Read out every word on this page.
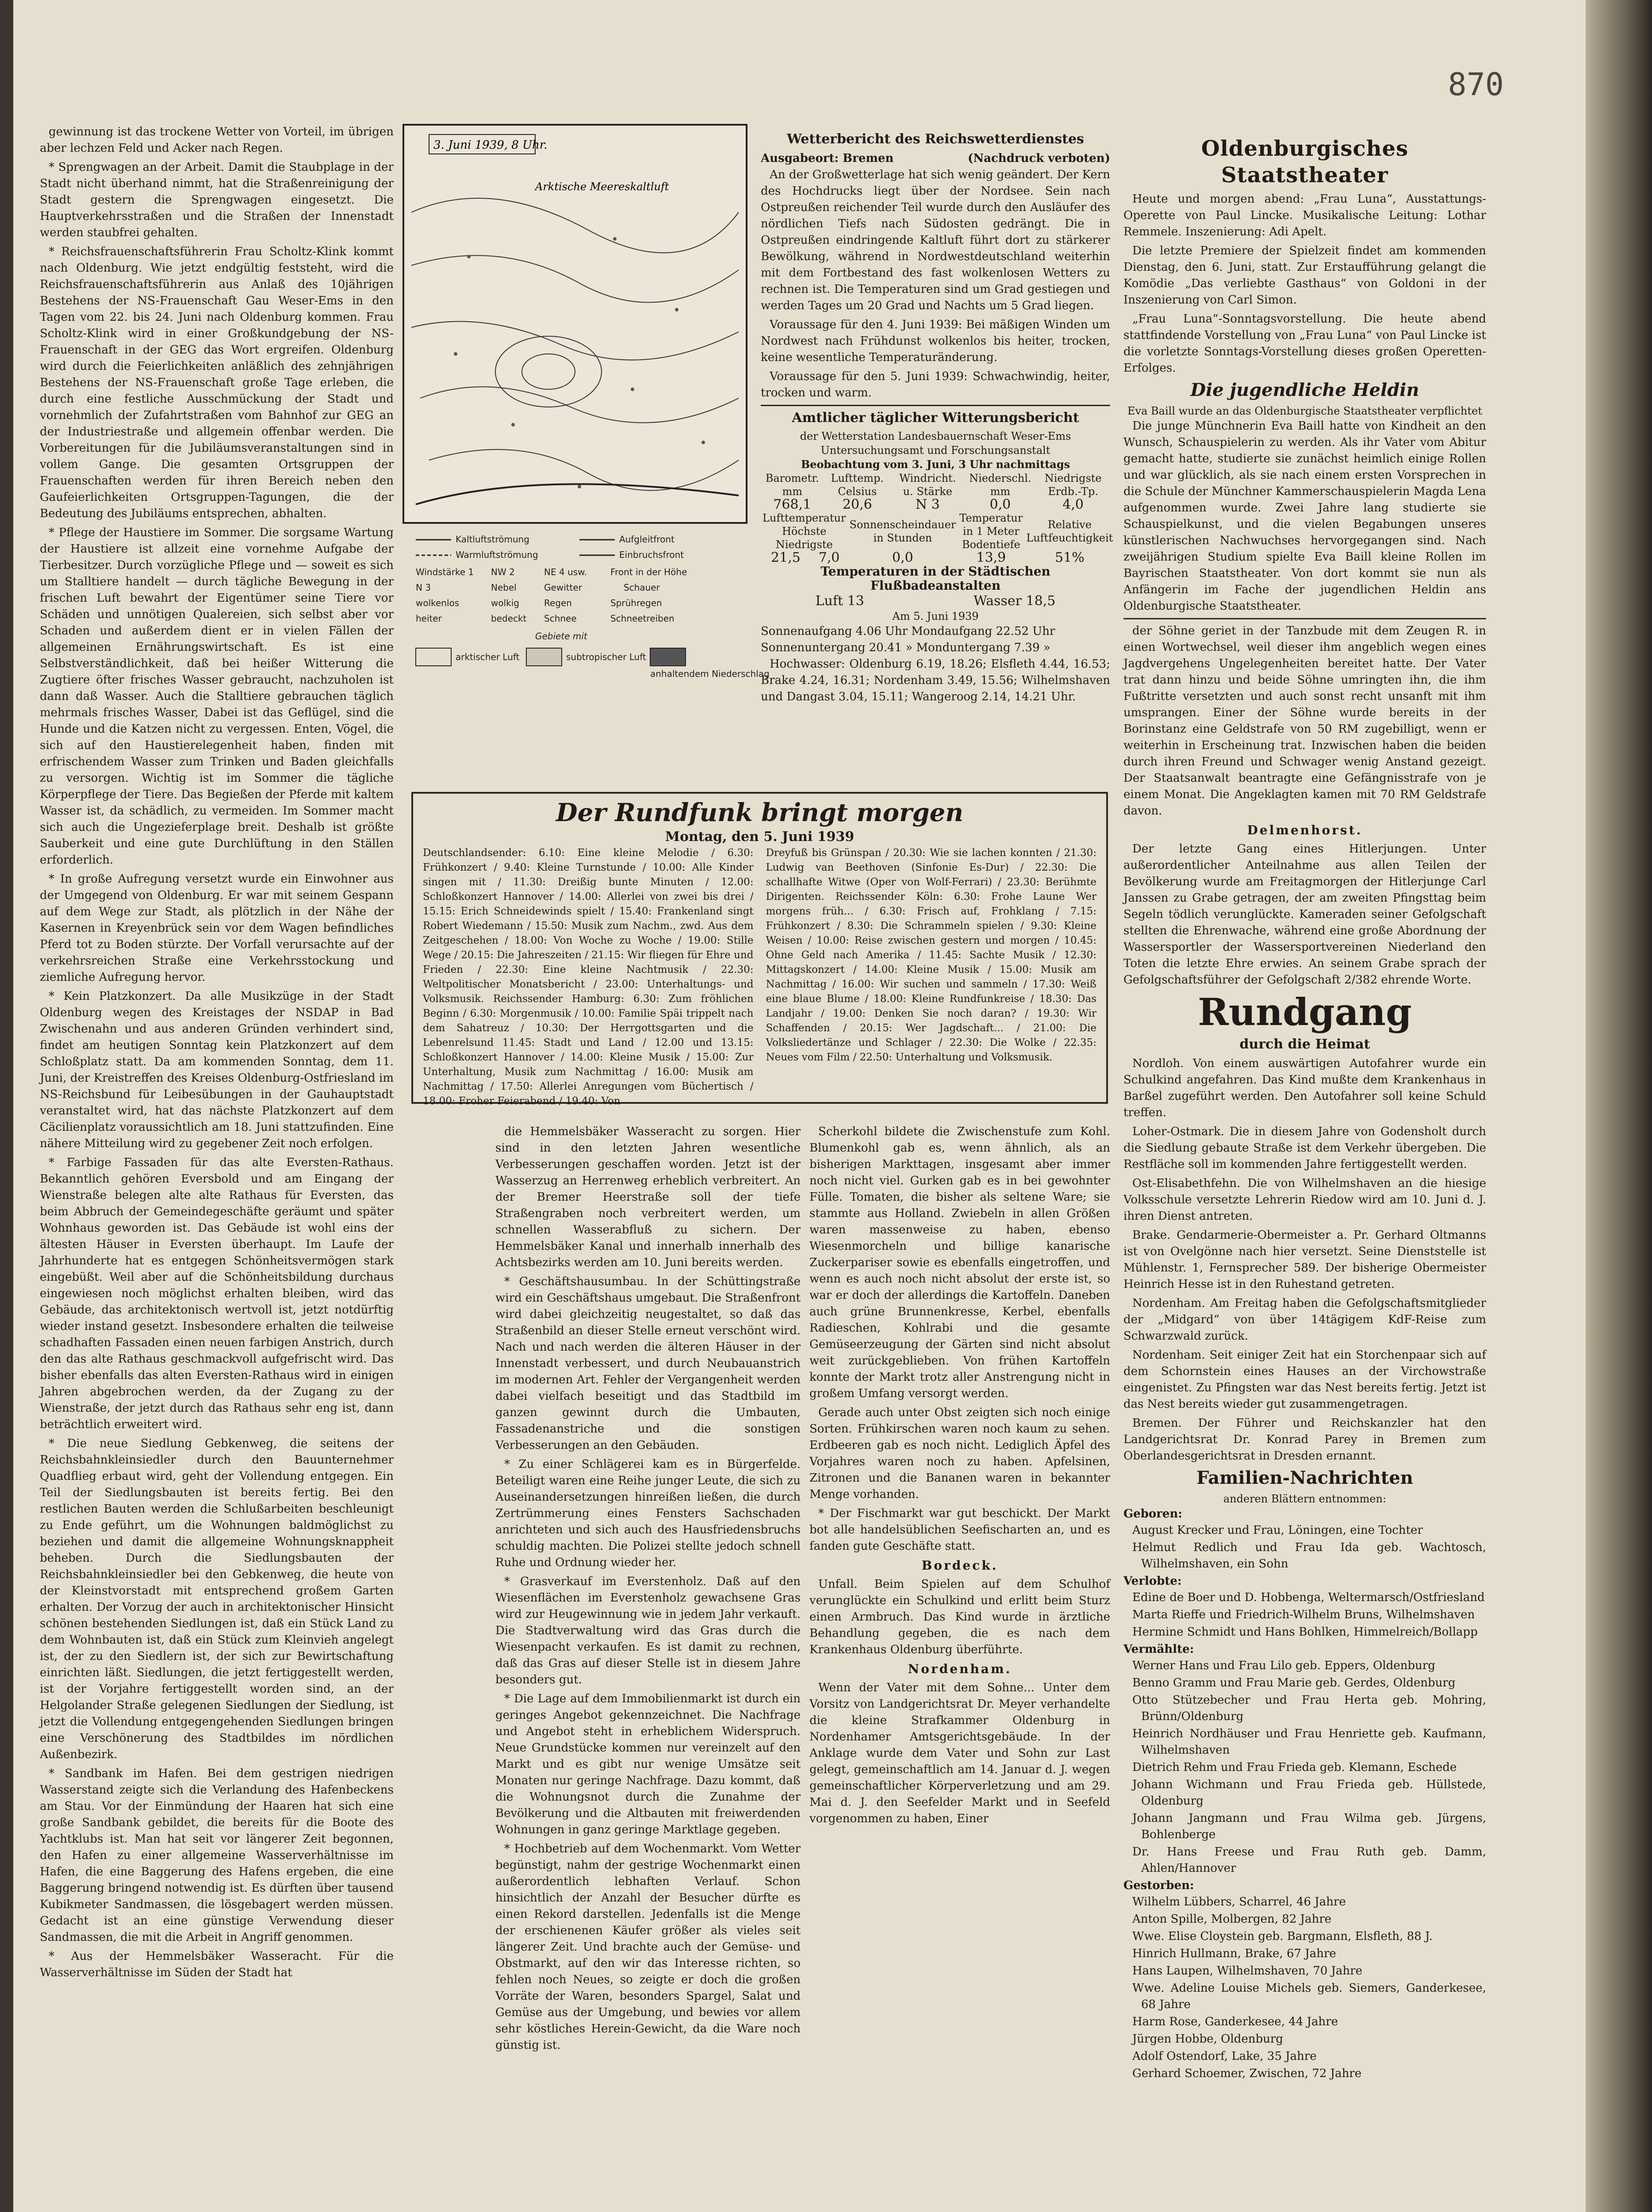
870

gewinnung ist das trockene Wetter von Vorteil, im übrigen aber lechzen Feld und Acker nach Regen.

* Sprengwagen an der Arbeit. Damit die Staubplage in der Stadt nicht überhand nimmt, hat die Straßenreinigung der Stadt gestern die Sprengwagen eingesetzt. Die Hauptverkehrsstraßen und die Straßen der Innenstadt werden staubfrei gehalten.

* Reichsfrauenschaftsführerin Frau Scholtz-Klink kommt nach Oldenburg. Wie jetzt endgültig feststeht, wird die Reichsfrauenschaftsführerin aus Anlaß des 10jährigen Bestehens der NS-Frauenschaft Gau Weser-Ems in den Tagen vom 22. bis 24. Juni nach Oldenburg kommen. Frau Scholtz-Klink wird in einer Großkundgebung der NS-Frauenschaft in der GEG das Wort ergreifen. Oldenburg wird durch die Feierlichkeiten anläßlich des zehnjährigen Bestehens der NS-Frauenschaft große Tage erleben, die durch eine festliche Ausschmückung der Stadt und vornehmlich der Zufahrtstraßen vom Bahnhof zur GEG an der Industriestraße und allgemein offenbar werden. Die Vorbereitungen für die Jubiläumsveranstaltungen sind in vollem Gange. Die gesamten Ortsgruppen der Frauenschaften werden für ihren Bereich neben den Gaufeierlichkeiten Ortsgruppen-Tagungen, die der Bedeutung des Jubiläums entsprechen, abhalten.

* Pflege der Haustiere im Sommer. Die sorgsame Wartung der Haustiere ist allzeit eine vornehme Aufgabe der Tierbesitzer. Durch vorzügliche Pflege und — soweit es sich um Stalltiere handelt — durch tägliche Bewegung in der frischen Luft bewahrt der Eigentümer seine Tiere vor Schäden und unnötigen Qualereien, sich selbst aber vor Schaden und außerdem dient er in vielen Fällen der allgemeinen Ernährungswirtschaft. Es ist eine Selbstverständlichkeit, daß bei heißer Witterung die Zugtiere öfter frisches Wasser gebraucht, nachzuholen ist dann daß Wasser. Auch die Stalltiere gebrauchen täglich mehrmals frisches Wasser, Dabei ist das Geflügel, sind die Hunde und die Katzen nicht zu vergessen. Enten, Vögel, die sich auf den Haustierelegenheit haben, finden mit erfrischendem Wasser zum Trinken und Baden gleichfalls zu versorgen. Wichtig ist im Sommer die tägliche Körperpflege der Tiere. Das Begießen der Pferde mit kaltem Wasser ist, da schädlich, zu vermeiden. Im Sommer macht sich auch die Ungezieferplage breit. Deshalb ist größte Sauberkeit und eine gute Durchlüftung in den Ställen erforderlich.

* In große Aufregung versetzt wurde ein Einwohner aus der Umgegend von Oldenburg. Er war mit seinem Gespann auf dem Wege zur Stadt, als plötzlich in der Nähe der Kasernen in Kreyenbrück sein vor dem Wagen befindliches Pferd tot zu Boden stürzte. Der Vorfall verursachte auf der verkehrsreichen Straße eine Verkehrsstockung und ziemliche Aufregung hervor.

* Kein Platzkonzert. Da alle Musikzüge in der Stadt Oldenburg wegen des Kreistages der NSDAP in Bad Zwischenahn und aus anderen Gründen verhindert sind, findet am heutigen Sonntag kein Platzkonzert auf dem Schloßplatz statt. Da am kommenden Sonntag, dem 11. Juni, der Kreistreffen des Kreises Oldenburg-Ostfriesland im NS-Reichsbund für Leibesübungen in der Gauhauptstadt veranstaltet wird, hat das nächste Platzkonzert auf dem Cäcilienplatz voraussichtlich am 18. Juni stattzufinden. Eine nähere Mitteilung wird zu gegebener Zeit noch erfolgen.

* Farbige Fassaden für das alte Eversten-Rathaus. Bekanntlich gehören Eversbold und am Eingang der Wienstraße belegen alte alte Rathaus für Eversten, das beim Abbruch der Gemeindegeschäfte geräumt und später Wohnhaus geworden ist. Das Gebäude ist wohl eins der ältesten Häuser in Eversten überhaupt. Im Laufe der Jahrhunderte hat es entgegen Schönheitsvermögen stark eingebüßt. Weil aber auf die Schönheitsbildung durchaus eingewiesen noch möglichst erhalten bleiben, wird das Gebäude, das architektonisch wertvoll ist, jetzt notdürftig wieder instand gesetzt. Insbesondere erhalten die teilweise schadhaften Fassaden einen neuen farbigen Anstrich, durch den das alte Rathaus geschmackvoll aufgefrischt wird. Das bisher ebenfalls das alten Eversten-Rathaus wird in einigen Jahren abgebrochen werden, da der Zugang zu der Wienstraße, der jetzt durch das Rathaus sehr eng ist, dann beträchtlich erweitert wird.

* Die neue Siedlung Gebkenweg, die seitens der Reichsbahnkleinsiedler durch den Bauunternehmer Quadflieg erbaut wird, geht der Vollendung entgegen. Ein Teil der Siedlungsbauten ist bereits fertig. Bei den restlichen Bauten werden die Schlußarbeiten beschleunigt zu Ende geführt, um die Wohnungen baldmöglichst zu beziehen und damit die allgemeine Wohnungsknappheit beheben. Durch die Siedlungsbauten der Reichsbahnkleinsiedler bei den Gebkenweg, die heute von der Kleinstvorstadt mit entsprechend großem Garten erhalten. Der Vorzug der auch in architektonischer Hinsicht schönen bestehenden Siedlungen ist, daß ein Stück Land zu dem Wohnbauten ist, daß ein Stück zum Kleinvieh angelegt ist, der zu den Siedlern ist, der sich zur Bewirtschaftung einrichten läßt. Siedlungen, die jetzt fertiggestellt werden, ist der Vorjahre fertiggestellt worden sind, an der Helgolander Straße gelegenen Siedlungen der Siedlung, ist jetzt die Vollendung entgegengehenden Siedlungen bringen eine Verschönerung des Stadtbildes im nördlichen Außenbezirk.

* Sandbank im Hafen. Bei dem gestrigen niedrigen Wasserstand zeigte sich die Verlandung des Hafenbeckens am Stau. Vor der Einmündung der Haaren hat sich eine große Sandbank gebildet, die bereits für die Boote des Yachtklubs ist. Man hat seit vor längerer Zeit begonnen, den Hafen zu einer allgemeine Wasserverhältnisse im Hafen, die eine Baggerung des Hafens ergeben, die eine Baggerung bringend notwendig ist. Es dürften über tausend Kubikmeter Sandmassen, die lösgebagert werden müssen. Gedacht ist an eine günstige Verwendung dieser Sandmassen, die mit die Arbeit in Angriff genommen.

* Aus der Hemmelsbäker Wasseracht. Für die Wasserverhältnisse im Süden der Stadt hat

3. Juni 1939, 8 Uhr.
Arktische Meereskaltluft
Kaltluftströmung
Warmluftströmung
Aufgleitfront
Einbruchsfront
Windstärke 1 NW 2	NE 4 usw.	Front in der Höhe
N 3	Nebel	Gewitter	Schauer
wolkenlos	wolkig	Regen	Sprühregen
heiter	bedeckt Schnee	Schneetreiben
Gebiete mit
arktischer Luft	subtropischer Luft
anhaltendem Niederschlag
Wetterbericht des Reichswetterdienstes
Ausgabeort: Bremen	(Nachdruck verboten)

An der Großwetterlage hat sich wenig geändert. Der Kern des Hochdrucks liegt über der Nordsee. Sein nach Ostpreußen reichender Teil wurde durch den Ausläufer des nördlichen Tiefs nach Südosten gedrängt. Die in Ostpreußen eindringende Kaltluft führt dort zu stärkerer Bewölkung, während in Nordwestdeutschland weiterhin mit dem Fortbestand des fast wolkenlosen Wetters zu rechnen ist. Die Temperaturen sind um Grad gestiegen und werden Tages um 20 Grad und Nachts um 5 Grad liegen.

Voraussage für den 4. Juni 1939: Bei mäßigen Winden um Nordwest nach Frühdunst wolkenlos bis heiter, trocken, keine wesentliche Temperaturänderung.

Voraussage für den 5. Juni 1939: Schwachwindig, heiter, trocken und warm.

Amtlicher täglicher Witterungsbericht
der Wetterstation Landesbauernschaft Weser-Ems Untersuchungsamt und Forschungsanstalt
Beobachtung vom 3. Juni, 3 Uhr nachmittags
Barometr. mm	Lufttemp. Celsius	Windricht. u. Stärke	Niederschl. mm	Niedrigste Erdb.-Tp.
768,1	20,6	N 3	0,0	4,0
Lufttemperatur Höchste Niedrigste		Sonnenscheindauer in Stunden	Temperatur in 1 Meter Bodentiefe	Relative Luftfeuchtigkeit
21,5	7,0	0,0	13,9	51%
Temperaturen in der Städtischen Flußbadeanstalten
Luft 13	Wasser 18,5
Am 5. Juni 1939
Sonnenaufgang 4.06 Uhr Mondaufgang 22.52 Uhr
Sonnenuntergang 20.41 » Monduntergang 7.39 »

Hochwasser: Oldenburg 6.19, 18.26; Elsfleth 4.44, 16.53; Brake 4.24, 16.31; Nordenham 3.49, 15.56; Wilhelmshaven und Dangast 3.04, 15.11; Wangeroog 2.14, 14.21 Uhr.

Der Rundfunk bringt morgen
Montag, den 5. Juni 1939
Deutschlandsender: 6.10: Eine kleine Melodie / 6.30: Frühkonzert / 9.40: Kleine Turnstunde / 10.00: Alle Kinder singen mit / 11.30: Dreißig bunte Minuten / 12.00: Schloßkonzert Hannover / 14.00: Allerlei von zwei bis drei / 15.15: Erich Schneidewinds spielt / 15.40: Frankenland singt Robert Wiedemann / 15.50: Musik zum Nachm., zwd. Aus dem Zeitgeschehen / 18.00: Von Woche zu Woche / 19.00: Stille Wege / 20.15: Die Jahreszeiten / 21.15: Wir fliegen für Ehre und Frieden / 22.30: Eine kleine Nachtmusik / 22.30: Weltpolitischer Monatsbericht / 23.00: Unterhaltungs- und Volksmusik. Reichssender Hamburg: 6.30: Zum fröhlichen Beginn / 6.30: Morgenmusik / 10.00: Familie Späi trippelt nach dem Sahatreuz / 10.30: Der Herrgottsgarten und die Lebenrelsund 11.45: Stadt und Land / 12.00 und 13.15: Schloßkonzert Hannover / 14.00: Kleine Musik / 15.00: Zur Unterhaltung, Musik zum Nachmittag / 16.00: Musik am Nachmittag / 17.50: Allerlei Anregungen vom Büchertisch / 18.00: Froher Feierabend / 19.40: Von
Dreyfuß bis Grünspan / 20.30: Wie sie lachen konnten / 21.30: Ludwig van Beethoven (Sinfonie Es-Dur) / 22.30: Die schallhafte Witwe (Oper von Wolf-Ferrari) / 23.30: Berühmte Dirigenten. Reichssender Köln: 6.30: Frohe Laune Wer morgens früh... / 6.30: Frisch auf, Frohklang / 7.15: Frühkonzert / 8.30: Die Schrammeln spielen / 9.30: Kleine Weisen / 10.00: Reise zwischen gestern und morgen / 10.45: Ohne Geld nach Amerika / 11.45: Sachte Musik / 12.30: Mittagskonzert / 14.00: Kleine Musik / 15.00: Musik am Nachmittag / 16.00: Wir suchen und sammeln / 17.30: Weiß eine blaue Blume / 18.00: Kleine Rundfunkreise / 18.30: Das Landjahr / 19.00: Denken Sie noch daran? / 19.30: Wir Schaffenden / 20.15: Wer Jagdschaft... / 21.00: Die Volksliedertänze und Schlager / 22.30: Die Wolke / 22.35: Neues vom Film / 22.50: Unterhaltung und Volksmusik.

die Hemmelsbäker Wasseracht zu sorgen. Hier sind in den letzten Jahren wesentliche Verbesserungen geschaffen worden. Jetzt ist der Wasserzug an Herrenweg erheblich verbreitert. An der Bremer Heerstraße soll der tiefe Straßengraben noch verbreitert werden, um schnellen Wasserabfluß zu sichern. Der Hemmelsbäker Kanal und innerhalb innerhalb des Achtsbezirks werden am 10. Juni bereits werden.

* Geschäftshausumbau. In der Schüttingstraße wird ein Geschäftshaus umgebaut. Die Straßenfront wird dabei gleichzeitig neugestaltet, so daß das Straßenbild an dieser Stelle erneut verschönt wird. Nach und nach werden die älteren Häuser in der Innenstadt verbessert, und durch Neubauanstrich im modernen Art. Fehler der Vergangenheit werden dabei vielfach beseitigt und das Stadtbild im ganzen gewinnt durch die Umbauten, Fassadenanstriche und die sonstigen Verbesserungen an den Gebäuden.

* Zu einer Schlägerei kam es in Bürgerfelde. Beteiligt waren eine Reihe junger Leute, die sich zu Auseinandersetzungen hinreißen ließen, die durch Zertrümmerung eines Fensters Sachschaden anrichteten und sich auch des Hausfriedensbruchs schuldig machten. Die Polizei stellte jedoch schnell Ruhe und Ordnung wieder her.

* Grasverkauf im Everstenholz. Daß auf den Wiesenflächen im Everstenholz gewachsene Gras wird zur Heugewinnung wie in jedem Jahr verkauft. Die Stadtverwaltung wird das Gras durch die Wiesenpacht verkaufen. Es ist damit zu rechnen, daß das Gras auf dieser Stelle ist in diesem Jahre besonders gut.

* Die Lage auf dem Immobilienmarkt ist durch ein geringes Angebot gekennzeichnet. Die Nachfrage und Angebot steht in erheblichem Widerspruch. Neue Grundstücke kommen nur vereinzelt auf den Markt und es gibt nur wenige Umsätze seit Monaten nur geringe Nachfrage. Dazu kommt, daß die Wohnungsnot durch die Zunahme der Bevölkerung und die Altbauten mit freiwerdenden Wohnungen in ganz geringe Marktlage gegeben.

* Hochbetrieb auf dem Wochenmarkt. Vom Wetter begünstigt, nahm der gestrige Wochenmarkt einen außerordentlich lebhaften Verlauf. Schon hinsichtlich der Anzahl der Besucher dürfte es einen Rekord darstellen. Jedenfalls ist die Menge der erschienenen Käufer größer als vieles seit längerer Zeit. Und brachte auch der Gemüse- und Obstmarkt, auf den wir das Interesse richten, so fehlen noch Neues, so zeigte er doch die großen Vorräte der Waren, besonders Spargel, Salat und Gemüse aus der Umgebung, und bewies vor allem sehr köstliches Herein-Gewicht, da die Ware noch günstig ist.

Scherkohl bildete die Zwischenstufe zum Kohl. Blumenkohl gab es, wenn ähnlich, als an bisherigen Markttagen, insgesamt aber immer noch nicht viel. Gurken gab es in bei gewohnter Fülle. Tomaten, die bisher als seltene Ware; sie stammte aus Holland. Zwiebeln in allen Größen waren massenweise zu haben, ebenso Wiesenmorcheln und billige kanarische Zuckerpariser sowie es ebenfalls eingetroffen, und wenn es auch noch nicht absolut der erste ist, so war er doch der allerdings die Kartoffeln. Daneben auch grüne Brunnenkresse, Kerbel, ebenfalls Radieschen, Kohlrabi und die gesamte Gemüseerzeugung der Gärten sind nicht absolut weit zurückgeblieben. Von frühen Kartoffeln konnte der Markt trotz aller Anstrengung nicht in großem Umfang versorgt werden.

Gerade auch unter Obst zeigten sich noch einige Sorten. Frühkirschen waren noch kaum zu sehen. Erdbeeren gab es noch nicht. Lediglich Äpfel des Vorjahres waren noch zu haben. Apfelsinen, Zitronen und die Bananen waren in bekannter Menge vorhanden.

* Der Fischmarkt war gut beschickt. Der Markt bot alle handelsüblichen Seefischarten an, und es fanden gute Geschäfte statt.

Bordeck.

Unfall. Beim Spielen auf dem Schulhof verunglückte ein Schulkind und erlitt beim Sturz einen Armbruch. Das Kind wurde in ärztliche Behandlung gegeben, die es nach dem Krankenhaus Oldenburg überführte.

Nordenham.

Wenn der Vater mit dem Sohne... Unter dem Vorsitz von Landgerichtsrat Dr. Meyer verhandelte die kleine Strafkammer Oldenburg in Nordenhamer Amtsgerichtsgebäude. In der Anklage wurde dem Vater und Sohn zur Last gelegt, gemeinschaftlich am 14. Januar d. J. wegen gemeinschaftlicher Körperverletzung und am 29. Mai d. J. den Seefelder Markt und in Seefeld vorgenommen zu haben, Einer

Oldenburgisches Staatstheater

Heute und morgen abend: „Frau Luna“, Ausstattungs-Operette von Paul Lincke. Musikalische Leitung: Lothar Remmele. Inszenierung: Adi Apelt.

Die letzte Premiere der Spielzeit findet am kommenden Dienstag, den 6. Juni, statt. Zur Erstaufführung gelangt die Komödie „Das verliebte Gasthaus“ von Goldoni in der Inszenierung von Carl Simon.

„Frau Luna“-Sonntagsvorstellung. Die heute abend stattfindende Vorstellung von „Frau Luna“ von Paul Lincke ist die vorletzte Sonntags-Vorstellung dieses großen Operetten-Erfolges.

Die jugendliche Heldin
Eva Baill wurde an das Oldenburgische Staatstheater verpflichtet

Die junge Münchnerin Eva Baill hatte von Kindheit an den Wunsch, Schauspielerin zu werden. Als ihr Vater vom Abitur gemacht hatte, studierte sie zunächst heimlich einige Rollen und war glücklich, als sie nach einem ersten Vorsprechen in die Schule der Münchner Kammerschauspielerin Magda Lena aufgenommen wurde. Zwei Jahre lang studierte sie Schauspielkunst, und die vielen Begabungen unseres künstlerischen Nachwuchses hervorgegangen sind. Nach zweijährigen Studium spielte Eva Baill kleine Rollen im Bayrischen Staatstheater. Von dort kommt sie nun als Anfängerin im Fache der jugendlichen Heldin ans Oldenburgische Staatstheater.

der Söhne geriet in der Tanzbude mit dem Zeugen R. in einen Wortwechsel, weil dieser ihm angeblich wegen eines Jagdvergehens Ungelegenheiten bereitet hatte. Der Vater trat dann hinzu und beide Söhne umringten ihn, die ihm Fußtritte versetzten und auch sonst recht unsanft mit ihm umsprangen. Einer der Söhne wurde bereits in der Borinstanz eine Geldstrafe von 50 RM zugebilligt, wenn er weiterhin in Erscheinung trat. Inzwischen haben die beiden durch ihren Freund und Schwager wenig Anstand gezeigt. Der Staatsanwalt beantragte eine Gefängnisstrafe von je einem Monat. Die Angeklagten kamen mit 70 RM Geldstrafe davon.

Delmenhorst.

Der letzte Gang eines Hitlerjungen. Unter außerordentlicher Anteilnahme aus allen Teilen der Bevölkerung wurde am Freitagmorgen der Hitlerjunge Carl Janssen zu Grabe getragen, der am zweiten Pfingsttag beim Segeln tödlich verunglückte. Kameraden seiner Gefolgschaft stellten die Ehrenwache, während eine große Abordnung der Wassersportler der Wassersportvereinen Niederland den Toten die letzte Ehre erwies. An seinem Grabe sprach der Gefolgschaftsführer der Gefolgschaft 2/382 ehrende Worte.

Rundgang
durch die Heimat

Nordloh. Von einem auswärtigen Autofahrer wurde ein Schulkind angefahren. Das Kind mußte dem Krankenhaus in Barßel zugeführt werden. Den Autofahrer soll keine Schuld treffen.

Loher-Ostmark. Die in diesem Jahre von Godensholt durch die Siedlung gebaute Straße ist dem Verkehr übergeben. Die Restfläche soll im kommenden Jahre fertiggestellt werden.

Ost-Elisabethfehn. Die von Wilhelmshaven an die hiesige Volksschule versetzte Lehrerin Riedow wird am 10. Juni d. J. ihren Dienst antreten.

Brake. Gendarmerie-Obermeister a. Pr. Gerhard Oltmanns ist von Ovelgönne nach hier versetzt. Seine Dienststelle ist Mühlenstr. 1, Fernsprecher 589. Der bisherige Obermeister Heinrich Hesse ist in den Ruhestand getreten.

Nordenham. Am Freitag haben die Gefolgschaftsmitglieder der „Midgard“ von über 14tägigem KdF-Reise zum Schwarzwald zurück.

Nordenham. Seit einiger Zeit hat ein Storchenpaar sich auf dem Schornstein eines Hauses an der Virchowstraße eingenistet. Zu Pfingsten war das Nest bereits fertig. Jetzt ist das Nest bereits wieder gut zusammengetragen.

Bremen. Der Führer und Reichskanzler hat den Landgerichtsrat Dr. Konrad Parey in Bremen zum Oberlandesgerichtsrat in Dresden ernannt.

Familien-Nachrichten
anderen Blättern entnommen:
Geboren:

August Krecker und Frau, Löningen, eine Tochter

Helmut Redlich und Frau Ida geb. Wachtosch, Wilhelmshaven, ein Sohn

Verlobte:

Edine de Boer und D. Hobbenga, Weltermarsch/Ostfriesland

Marta Rieffe und Friedrich-Wilhelm Bruns, Wilhelmshaven

Hermine Schmidt und Hans Bohlken, Himmelreich/Bollapp

Vermählte:

Werner Hans und Frau Lilo geb. Eppers, Oldenburg

Benno Gramm und Frau Marie geb. Gerdes, Oldenburg

Otto Stützebecher und Frau Herta geb. Mohring, Brünn/Oldenburg

Heinrich Nordhäuser und Frau Henriette geb. Kaufmann, Wilhelmshaven

Dietrich Rehm und Frau Frieda geb. Klemann, Eschede

Johann Wichmann und Frau Frieda geb. Hüllstede, Oldenburg

Johann Jangmann und Frau Wilma geb. Jürgens, Bohlenberge

Dr. Hans Freese und Frau Ruth geb. Damm, Ahlen/Hannover

Gestorben:

Wilhelm Lübbers, Scharrel, 46 Jahre

Anton Spille, Molbergen, 82 Jahre

Wwe. Elise Cloystein geb. Bargmann, Elsfleth, 88 J.

Hinrich Hullmann, Brake, 67 Jahre

Hans Laupen, Wilhelmshaven, 70 Jahre

Wwe. Adeline Louise Michels geb. Siemers, Ganderkesee, 68 Jahre

Harm Rose, Ganderkesee, 44 Jahre

Jürgen Hobbe, Oldenburg

Adolf Ostendorf, Lake, 35 Jahre

Gerhard Schoemer, Zwischen, 72 Jahre
